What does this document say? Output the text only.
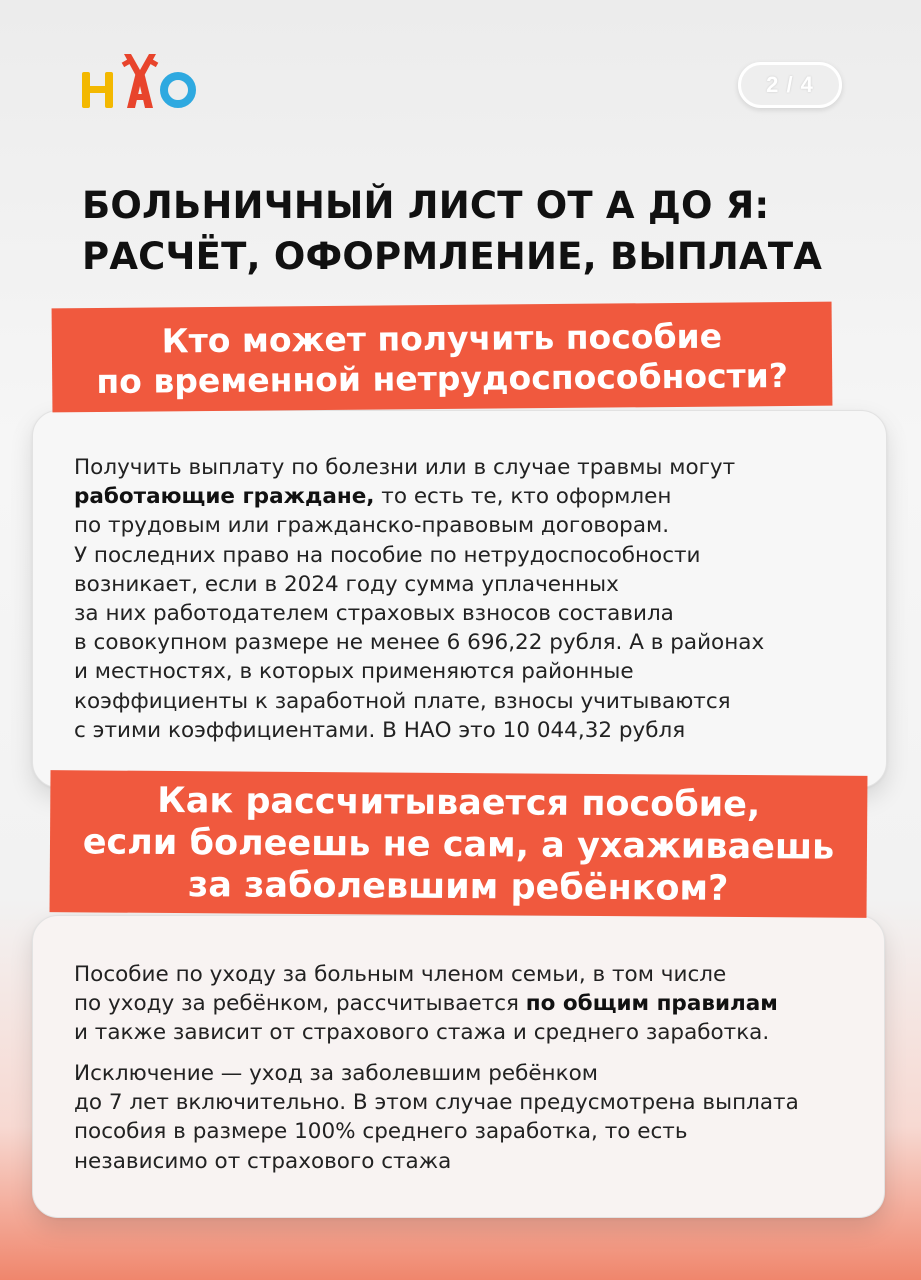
НАО
2 / 4
БОЛЬНИЧНЫЙ ЛИСТ ОТ А ДО Я:
РАСЧЁТ, ОФОРМЛЕНИЕ, ВЫПЛАТА
Кто может получить пособие
по временной нетрудоспособности?

Получить выплату по болезни или в случае травмы могут
работающие граждане, то есть те, кто оформлен
по трудовым или гражданско-правовым договорам.
У последних право на пособие по нетрудоспособности
возникает, если в 2024 году сумма уплаченных
за них работодателем страховых взносов составила
в совокупном размере не менее 6 696,22 рубля. А в районах
и местностях, в которых применяются районные
коэффициенты к заработной плате, взносы учитываются
с этими коэффициентами. В НАО это 10 044,32 рубля

Как рассчитывается пособие,
если болеешь не сам, а ухаживаешь
за заболевшим ребёнком?

Пособие по уходу за больным членом семьи, в том числе
по уходу за ребёнком, рассчитывается по общим правилам
и также зависит от страхового стажа и среднего заработка.

Исключение — уход за заболевшим ребёнком
до 7 лет включительно. В этом случае предусмотрена выплата
пособия в размере 100% среднего заработка, то есть
независимо от страхового стажа
